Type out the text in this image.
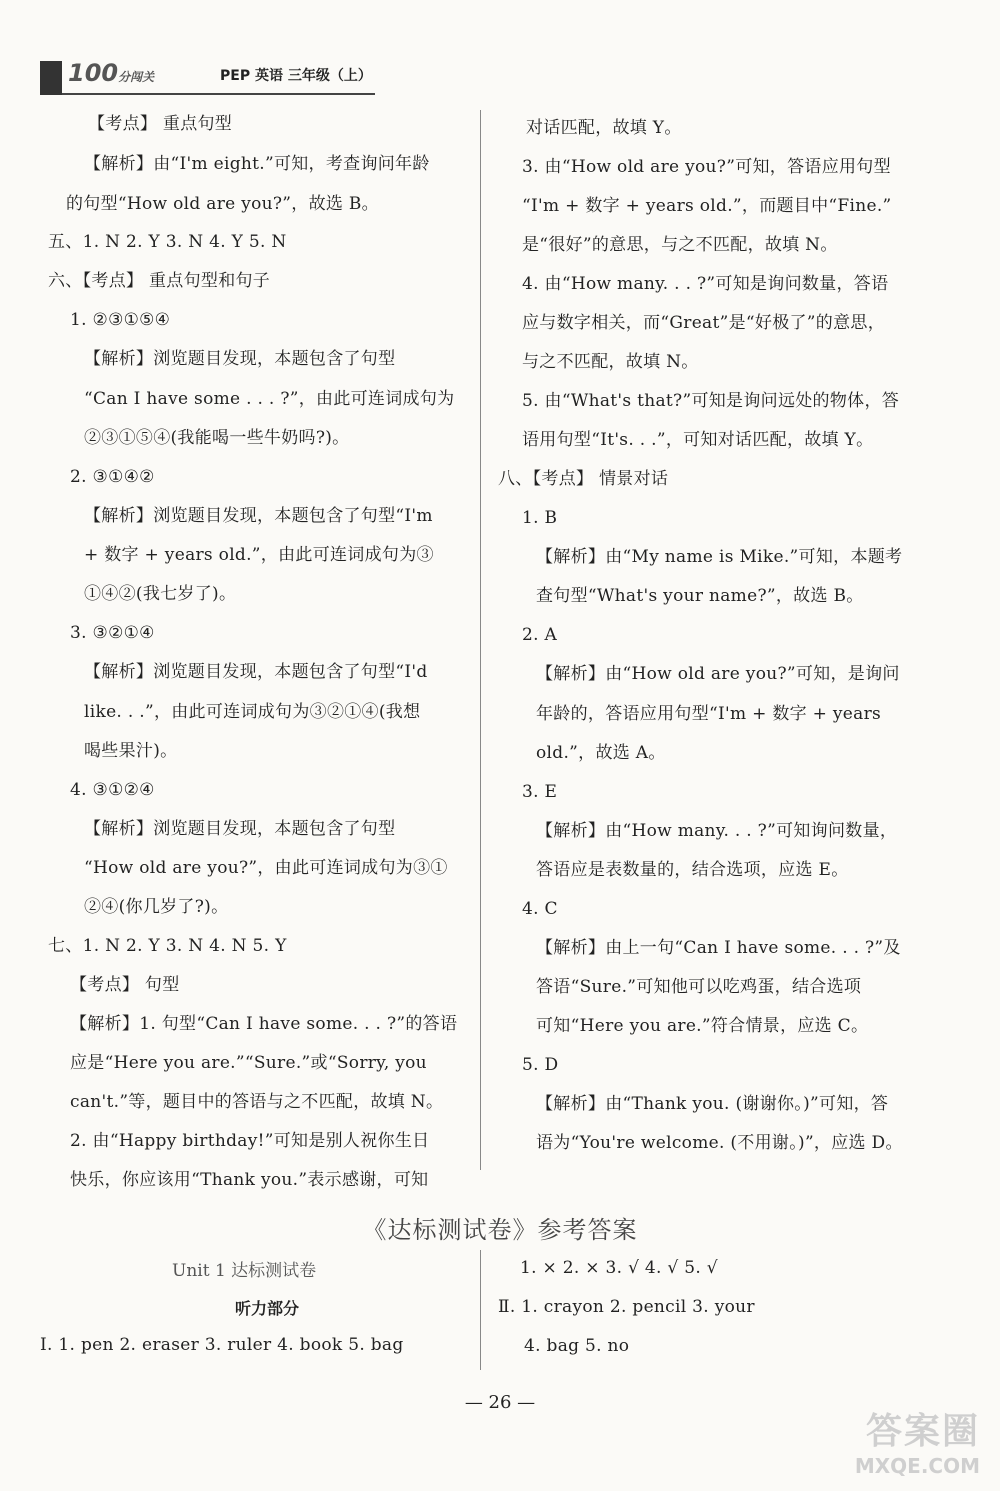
100分闯关	PEP 英语 三年级（上）
【考点】 重点句型
【解析】由“I'm eight.”可知，考查询问年龄
的句型“How old are you?”，故选 B。
五、1. N 2. Y 3. N 4. Y 5. N
六、【考点】 重点句型和句子
1. ②③①⑤④
【解析】浏览题目发现，本题包含了句型
“Can I have some . . . ?”，由此可连词成句为
②③①⑤④(我能喝一些牛奶吗?)。
2. ③①④②
【解析】浏览题目发现，本题包含了句型“I'm
+ 数字 + years old.”，由此可连词成句为③
①④②(我七岁了)。
3. ③②①④
【解析】浏览题目发现，本题包含了句型“I'd
like. . .”，由此可连词成句为③②①④(我想
喝些果汁)。
4. ③①②④
【解析】浏览题目发现，本题包含了句型
“How old are you?”，由此可连词成句为③①
②④(你几岁了?)。
七、1. N 2. Y 3. N 4. N 5. Y
【考点】 句型
【解析】1. 句型“Can I have some. . . ?”的答语
应是“Here you are.”“Sure.”或“Sorry, you
can't.”等，题目中的答语与之不匹配，故填 N。
2. 由“Happy birthday!”可知是别人祝你生日
快乐，你应该用“Thank you.”表示感谢，可知
对话匹配，故填 Y。
3. 由“How old are you?”可知，答语应用句型
“I'm + 数字 + years old.”，而题目中“Fine.”
是“很好”的意思，与之不匹配，故填 N。
4. 由“How many. . . ?”可知是询问数量，答语
应与数字相关，而“Great”是“好极了”的意思，
与之不匹配，故填 N。
5. 由“What's that?”可知是询问远处的物体，答
语用句型“It's. . .”，可知对话匹配，故填 Y。
八、【考点】 情景对话
1. B
【解析】由“My name is Mike.”可知，本题考
查句型“What's your name?”，故选 B。
2. A
【解析】由“How old are you?”可知，是询问
年龄的，答语应用句型“I'm + 数字 + years
old.”，故选 A。
3. E
【解析】由“How many. . . ?”可知询问数量，
答语应是表数量的，结合选项，应选 E。
4. C
【解析】由上一句“Can I have some. . . ?”及
答语“Sure.”可知他可以吃鸡蛋，结合选项
可知“Here you are.”符合情景，应选 C。
5. D
【解析】由“Thank you. (谢谢你。)”可知，答
语为“You're welcome. (不用谢。)”，应选 D。
《达标测试卷》参考答案
Unit 1 达标测试卷
听力部分
Ⅰ. 1. pen 2. eraser 3. ruler 4. book 5. bag
1. × 2. × 3. √ 4. √ 5. √
Ⅱ. 1. crayon 2. pencil 3. your
4. bag 5. no
— 26 —
答案圈
MXQE.COM
